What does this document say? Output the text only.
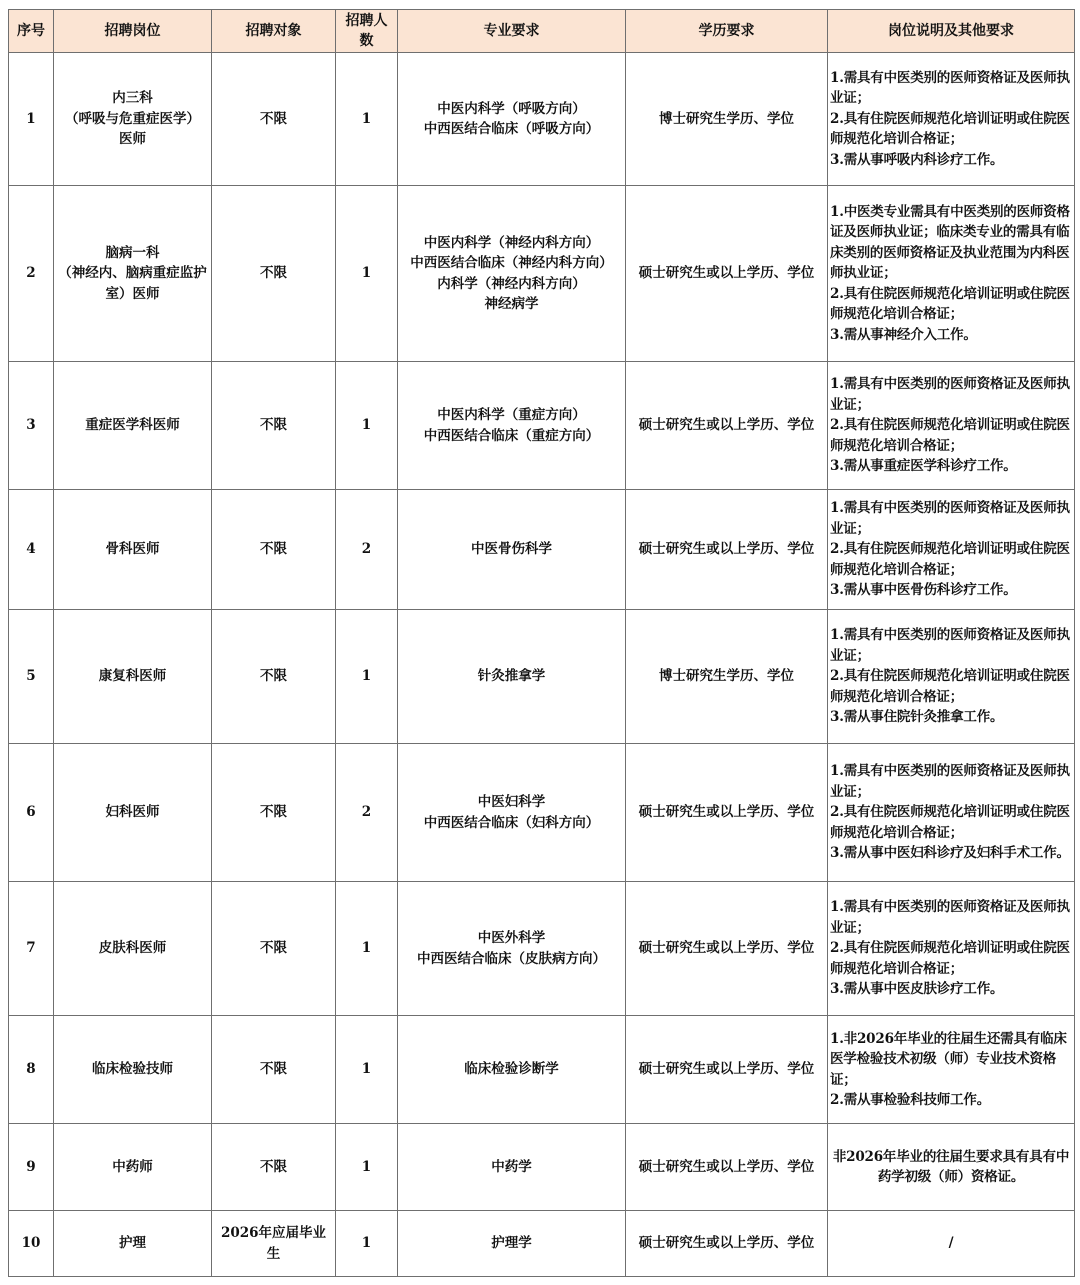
序号	招聘岗位	招聘对象	招聘人数	专业要求	学历要求	岗位说明及其他要求
1	内三科
（呼吸与危重症医学）
医师	不限	1	中医内科学（呼吸方向）
中西医结合临床（呼吸方向）	博士研究生学历、学位	1.需具有中医类别的医师资格证及医师执业证；
2.具有住院医师规范化培训证明或住院医师规范化培训合格证；
3.需从事呼吸内科诊疗工作。

2	脑病一科
（神经内、脑病重症监护室）医师	不限	1	中医内科学（神经内科方向）
中西医结合临床（神经内科方向）
内科学（神经内科方向）
神经病学	硕士研究生或以上学历、学位	1.中医类专业需具有中医类别的医师资格证及医师执业证；临床类专业的需具有临床类别的医师资格证及执业范围为内科医师执业证；
2.具有住院医师规范化培训证明或住院医师规范化培训合格证；
3.需从事神经介入工作。

3	重症医学科医师	不限	1	中医内科学（重症方向）
中西医结合临床（重症方向）	硕士研究生或以上学历、学位	1.需具有中医类别的医师资格证及医师执业证；
2.具有住院医师规范化培训证明或住院医师规范化培训合格证；
3.需从事重症医学科诊疗工作。

4	骨科医师	不限	2	中医骨伤科学	硕士研究生或以上学历、学位	1.需具有中医类别的医师资格证及医师执业证；
2.具有住院医师规范化培训证明或住院医师规范化培训合格证；
3.需从事中医骨伤科诊疗工作。

5	康复科医师	不限	1	针灸推拿学	博士研究生学历、学位	1.需具有中医类别的医师资格证及医师执业证；
2.具有住院医师规范化培训证明或住院医师规范化培训合格证；
3.需从事住院针灸推拿工作。

6	妇科医师	不限	2	中医妇科学
中西医结合临床（妇科方向）	硕士研究生或以上学历、学位	1.需具有中医类别的医师资格证及医师执业证；
2.具有住院医师规范化培训证明或住院医师规范化培训合格证；
3.需从事中医妇科诊疗及妇科手术工作。

7	皮肤科医师	不限	1	中医外科学
中西医结合临床（皮肤病方向）	硕士研究生或以上学历、学位	1.需具有中医类别的医师资格证及医师执业证；
2.具有住院医师规范化培训证明或住院医师规范化培训合格证；
3.需从事中医皮肤诊疗工作。

8	临床检验技师	不限	1	临床检验诊断学	硕士研究生或以上学历、学位	1.非2026年毕业的往届生还需具有临床医学检验技术初级（师）专业技术资格证；
2.需从事检验科技师工作。

9	中药师	不限	1	中药学	硕士研究生或以上学历、学位	非2026年毕业的往届生要求具有具有中药学初级（师）资格证。

10	护理	2026年应届毕业生	1	护理学	硕士研究生或以上学历、学位	/
